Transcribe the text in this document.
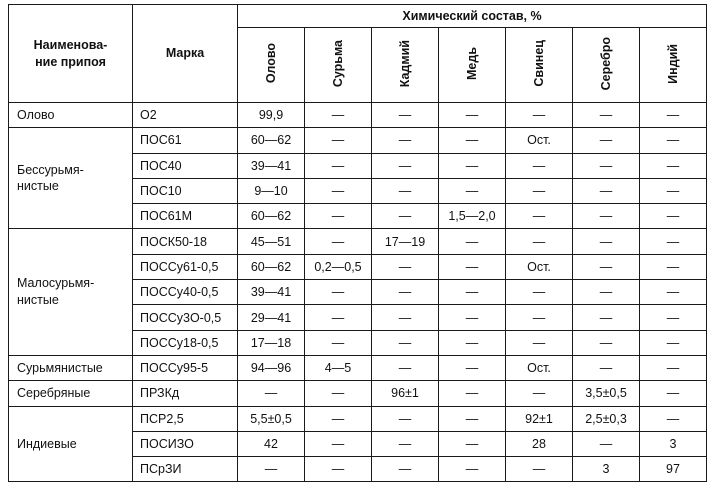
Наименова-
ние припоя	Марка	Химический состав, %						
		Олово	Сурьма	Кадмий	Медь	Свинец	Серебро	Индий

Олово	О2	99,9	—	—	—	—	—	—

Бессурьмя-
нистые	ПОС61	60—62	—	—	—	Ост.	—	—
	ПОС40	39—41	—	—	—	—	—	—
	ПОС10	9—10	—	—	—	—	—	—
	ПОС61М	60—62	—	—	1,5—2,0	—	—	—

Малосурьмя-
нистые	ПОСК50-18	45—51	—	17—19	—	—	—	—
	ПОССу61-0,5	60—62	0,2—0,5	—	—	Ост.	—	—
	ПОССу40-0,5	39—41	—	—	—	—	—	—
	ПОССу3О-0,5	29—41	—	—	—	—	—	—
	ПОССу18-0,5	17—18	—	—	—	—	—	—

Сурьмянистые	ПОССу95-5	94—96	4—5	—	—	Ост.	—	—

Серебряные	ПРЗКд	—	—	96±1	—	—	3,5±0,5	—

Индиевые	ПСР2,5	5,5±0,5	—	—	—	92±1	2,5±0,3	—
	ПОСИЗО	42	—	—	—	28	—	3
	ПСрЗИ	—	—	—	—	—	3	97
